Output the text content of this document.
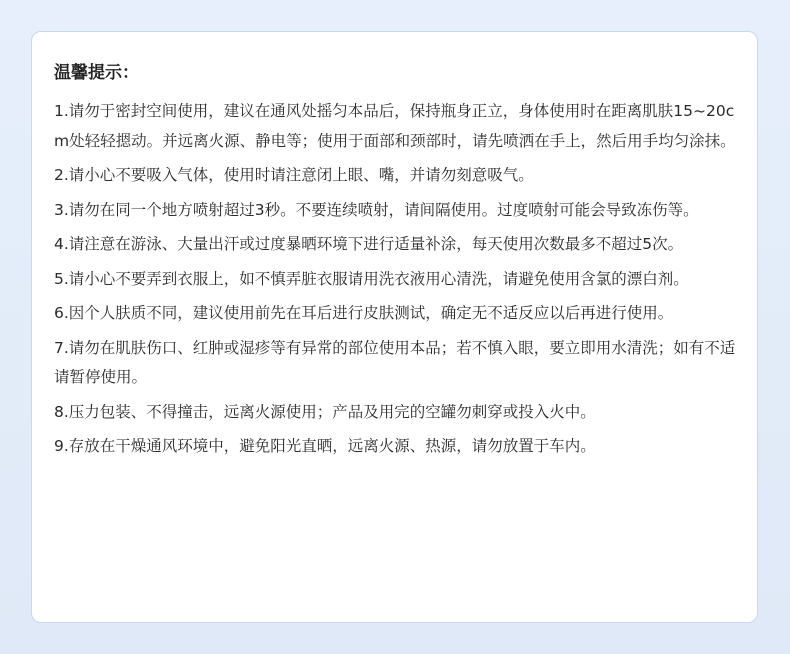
温馨提示：
1.请勿于密封空间使用，建议在通风处摇匀本品后，保持瓶身正立，身体使用时在距离肌肤15~20cm处轻轻摁动。并远离火源、静电等；使用于面部和颈部时，请先喷洒在手上，然后用手均匀涂抹。
2.请小心不要吸入气体，使用时请注意闭上眼、嘴，并请勿刻意吸气。
3.请勿在同一个地方喷射超过3秒。不要连续喷射，请间隔使用。过度喷射可能会导致冻伤等。
4.请注意在游泳、大量出汗或过度暴晒环境下进行适量补涂，每天使用次数最多不超过5次。
5.请小心不要弄到衣服上，如不慎弄脏衣服请用洗衣液用心清洗，请避免使用含氯的漂白剂。
6.因个人肤质不同，建议使用前先在耳后进行皮肤测试，确定无不适反应以后再进行使用。
7.请勿在肌肤伤口、红肿或湿疹等有异常的部位使用本品；若不慎入眼，要立即用水清洗；如有不适请暂停使用。
8.压力包装、不得撞击，远离火源使用；产品及用完的空罐勿刺穿或投入火中。
9.存放在干燥通风环境中，避免阳光直晒，远离火源、热源，请勿放置于车内。
